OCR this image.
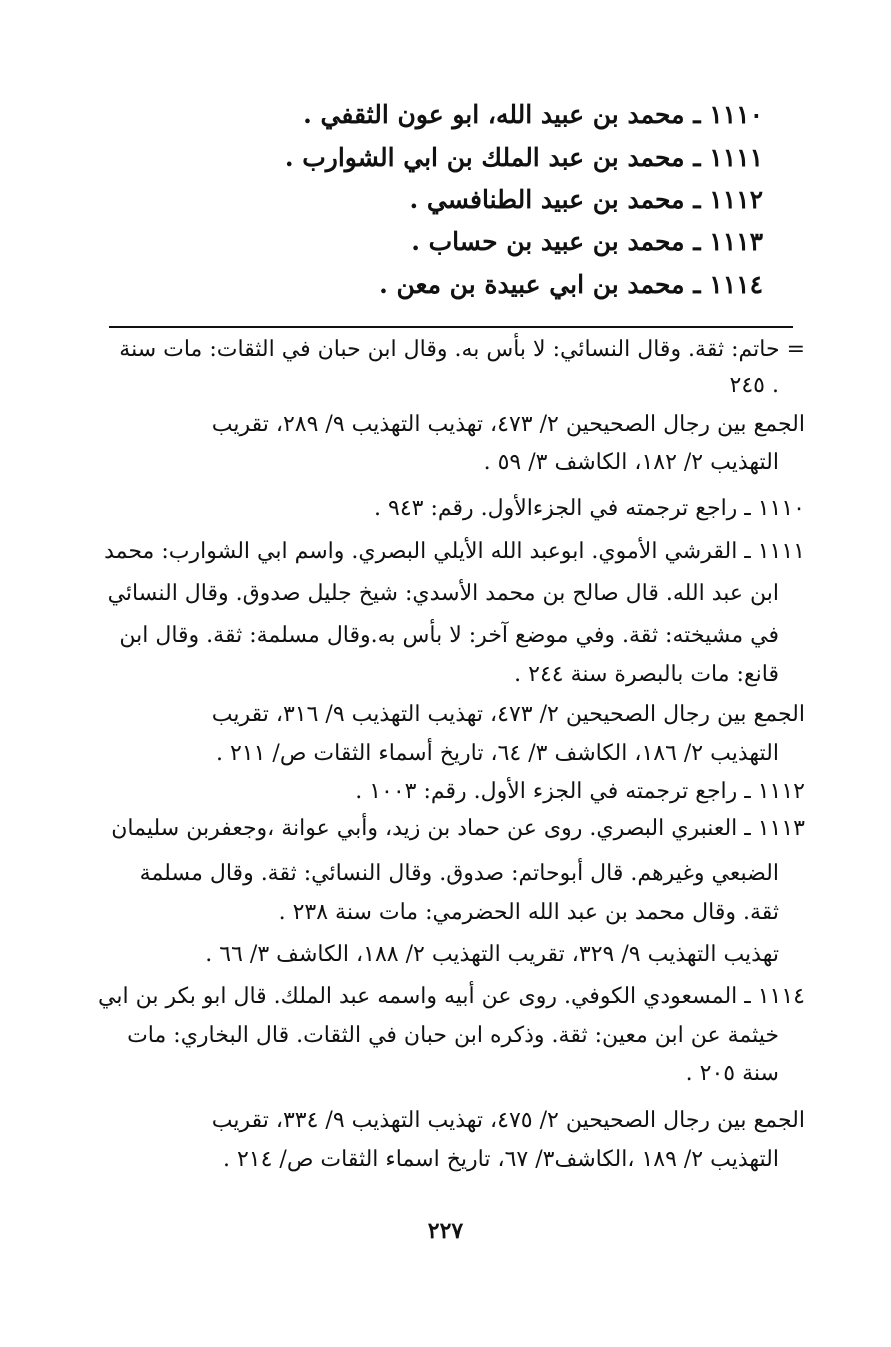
١١١٠ ـ محمد بن عبيد الله، ابو عون الثقفي .

١١١١ ـ محمد بن عبد الملك بن ابي الشوارب .

١١١٢ ـ محمد بن عبيد الطنافسي .

١١١٣ ـ محمد بن عبيد بن حساب .

١١١٤ ـ محمد بن ابي عبيدة بن معن .

= حاتم: ثقة. وقال النسائي: لا بأس به. وقال ابن حبان في الثقات: مات سنة

٢٤٥ .

الجمع بين رجال الصحيحين ٢/ ٤٧٣، تهذيب التهذيب ٩/ ٢٨٩، تقريب

التهذيب ٢/ ١٨٢، الكاشف ٣/ ٥٩ .

١١١٠ ـ راجع ترجمته في الجزءالأول. رقم: ٩٤٣ .

١١١١ ـ القرشي الأموي. ابوعبد الله الأيلي البصري. واسم ابي الشوارب: محمد

ابن عبد الله. قال صالح بن محمد الأسدي: شيخ جليل صدوق. وقال النسائي

في مشيخته: ثقة. وفي موضع آخر: لا بأس به.وقال مسلمة: ثقة. وقال ابن

قانع: مات بالبصرة سنة ٢٤٤ .

الجمع بين رجال الصحيحين ٢/ ٤٧٣، تهذيب التهذيب ٩/ ٣١٦، تقريب

التهذيب ٢/ ١٨٦، الكاشف ٣/ ٦٤، تاريخ أسماء الثقات ص/ ٢١١ .

١١١٢ ـ راجع ترجمته في الجزء الأول. رقم: ١٠٠٣ .

١١١٣ ـ العنبري البصري. روى عن حماد بن زيد، وأبي عوانة ،وجعفربن سليمان

الضبعي وغيرهم. قال أبوحاتم: صدوق. وقال النسائي: ثقة. وقال مسلمة

ثقة. وقال محمد بن عبد الله الحضرمي: مات سنة ٢٣٨ .

تهذيب التهذيب ٩/ ٣٢٩، تقريب التهذيب ٢/ ١٨٨، الكاشف ٣/ ٦٦ .

١١١٤ ـ المسعودي الكوفي. روى عن أبيه واسمه عبد الملك. قال ابو بكر بن ابي

خيثمة عن ابن معين: ثقة. وذكره ابن حبان في الثقات. قال البخاري: مات

سنة ٢٠٥ .

الجمع بين رجال الصحيحين ٢/ ٤٧٥، تهذيب التهذيب ٩/ ٣٣٤، تقريب

التهذيب ٢/ ١٨٩ ،الكاشف٣/ ٦٧، تاريخ اسماء الثقات ص/ ٢١٤ .

٢٢٧
